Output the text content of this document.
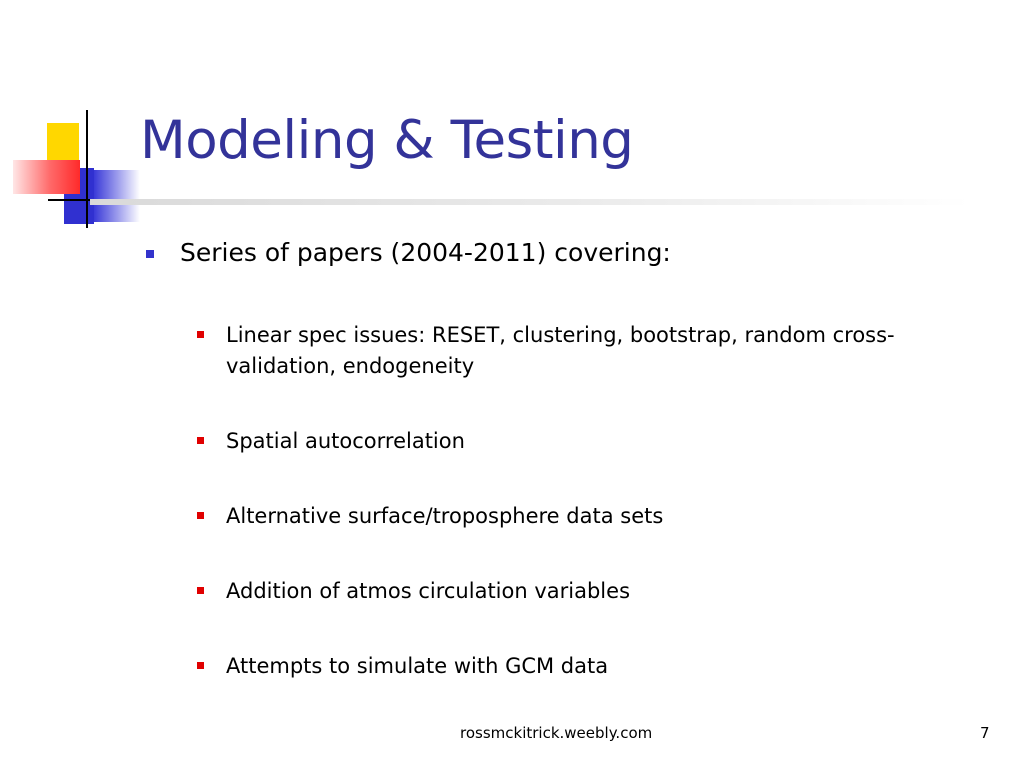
Modeling & Testing
Series of papers (2004-2011) covering:
Linear spec issues: RESET, clustering, bootstrap, random cross-validation, endogeneity
Spatial autocorrelation
Alternative surface/troposphere data sets
Addition of atmos circulation variables
Attempts to simulate with GCM data
rossmckitrick.weebly.com	7
